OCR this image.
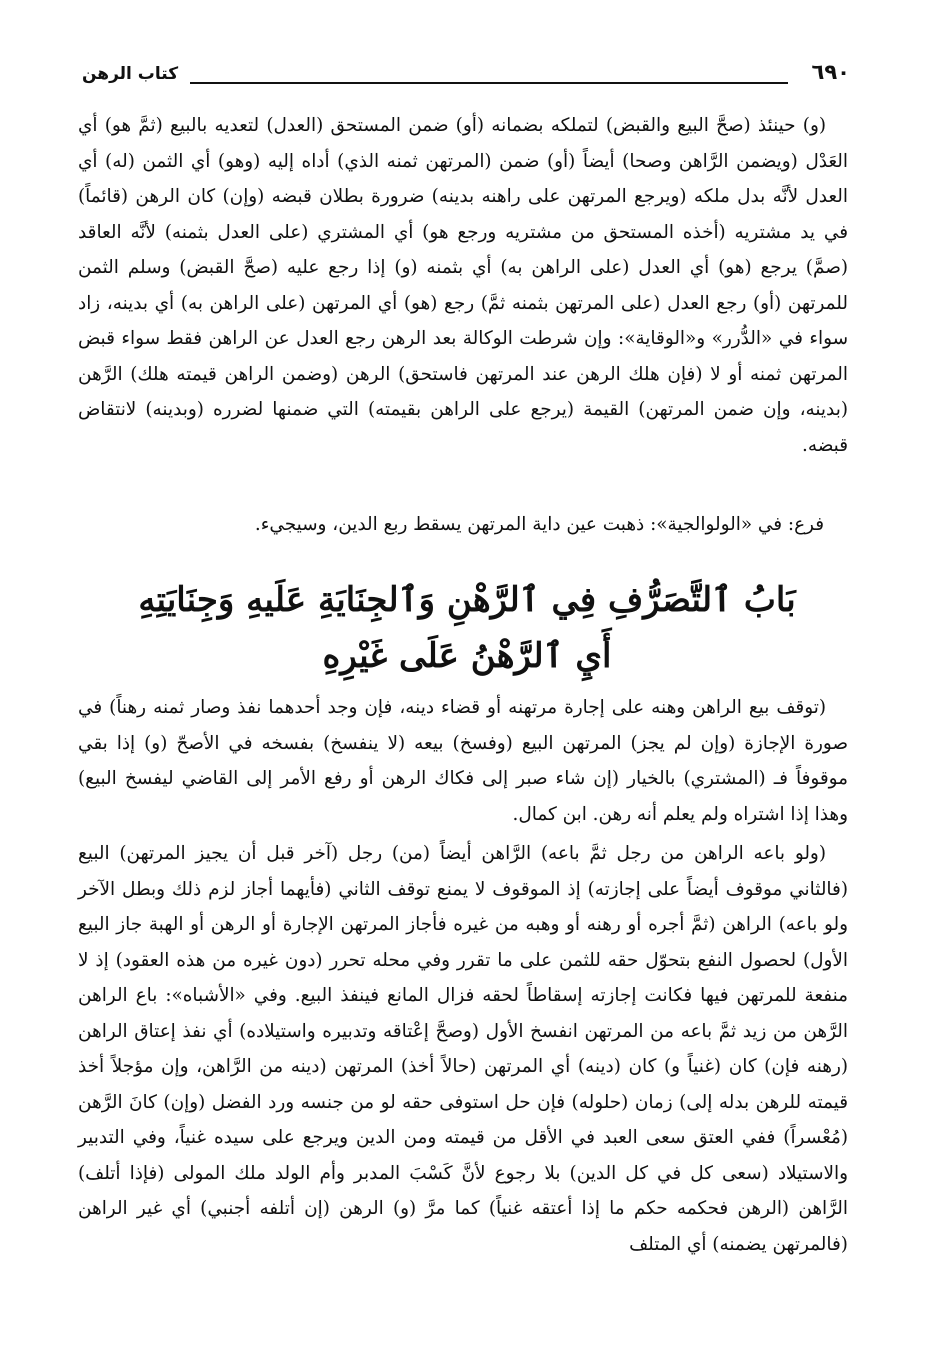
٦٩٠
كتاب الرهن

(و) حينئذ (صحَّ البيع والقبض) لتملكه بضمانه (أو) ضمن المستحق (العدل) لتعديه بالبيع (ثمَّ هو) أي العَدْل (ويضمن الرَّاهن وصحا) أيضاً (أو) ضمن (المرتهن ثمنه الذي) أداه إليه (وهو) أي الثمن (له) أي العدل لأنَّه بدل ملكه (ويرجع المرتهن على راهنه بدينه) ضرورة بطلان قبضه (وإن) كان الرهن (قائماً) في يد مشتريه (أخذه المستحق من مشتريه ورجع هو) أي المشتري (على العدل بثمنه) لأنَّه العاقد (صمَّ) يرجع (هو) أي العدل (على الراهن به) أي بثمنه (و) إذا رجع عليه (صحَّ القبض) وسلم الثمن للمرتهن (أو) رجع العدل (على المرتهن بثمنه ثمَّ) رجع (هو) أي المرتهن (على الراهن به) أي بدينه، زاد سواء في «الدُّرر» و«الوقاية»: وإن شرطت الوكالة بعد الرهن رجع العدل عن الراهن فقط سواء قبض المرتهن ثمنه أو لا (فإن هلك الرهن عند المرتهن فاستحق) الرهن (وضمن الراهن قيمته هلك) الرَّهن (بدينه، وإن ضمن المرتهن) القيمة (يرجع على الراهن بقيمته) التي ضمنها لضرره (وبدينه) لانتقاض قبضه.

فرع: في «الولوالجية»: ذهبت عين داية المرتهن يسقط ربع الدين، وسيجيء.
بَابُ ٱلتَّصَرُّفِ فِي ٱلرَّهْنِ وَٱلجِنَايَةِ عَلَيهِ وَجِنَايَتِهِ
أَيِ ٱلرَّهْنُ عَلَى غَيْرِهِ

(توقف بيع الراهن وهنه على إجارة مرتهنه أو قضاء دينه، فإن وجد أحدهما نفذ وصار ثمنه رهناً) في صورة الإجازة (وإن لم يجز) المرتهن البيع (وفسخ) بيعه (لا ينفسخ) بفسخه في الأصحّ (و) إذا بقي موقوفاً فـ (المشتري) بالخيار (إن شاء صبر إلى فكاك الرهن أو رفع الأمر إلى القاضي ليفسخ البيع) وهذا إذا اشتراه ولم يعلم أنه رهن. ابن كمال.

(ولو باعه الراهن من رجل ثمَّ باعه) الرَّاهن أيضاً (من) رجل (آخر قبل أن يجيز المرتهن) البيع (فالثاني موقوف أيضاً على إجازته) إذ الموقوف لا يمنع توقف الثاني (فأيهما أجاز لزم ذلك وبطل الآخر ولو باعه) الراهن (ثمَّ أجره أو رهنه أو وهبه من غيره فأجاز المرتهن الإجارة أو الرهن أو الهبة جاز البيع الأول) لحصول النفع بتحوّل حقه للثمن على ما تقرر وفي محله تحرر (دون غيره من هذه العقود) إذ لا منفعة للمرتهن فيها فكانت إجازته إسقاطاً لحقه فزال المانع فينفذ البيع. وفي «الأشباه»: باع الراهن الرَّهن من زيد ثمَّ باعه من المرتهن انفسخ الأول (وصحَّ إعْتاقه وتدبيره واستيلاده) أي نفذ إعتاق الراهن (رهنه فإن) كان (غنياً و) كان (دينه) أي المرتهن (حالاً أخذ) المرتهن (دينه من الرَّاهن، وإن مؤجلاً أخذ قيمته للرهن بدله إلى) زمان (حلوله) فإن حل استوفى حقه لو من جنسه ورد الفضل (وإن) كانَ الرَّهن (مُعْسراً) ففي العتق سعى العبد في الأقل من قيمته ومن الدين ويرجع على سيده غنياً، وفي التدبير والاستيلاد (سعى كل في كل الدين) بلا رجوع لأنَّ كَسْبَ المدبر وأم الولد ملك المولى (فإذا أتلف) الرَّاهن (الرهن فحكمه حكم ما إذا أعتقه غنياً) كما مرَّ (و) الرهن (إن أتلفه أجنبي) أي غير الراهن (فالمرتهن يضمنه) أي المتلف
